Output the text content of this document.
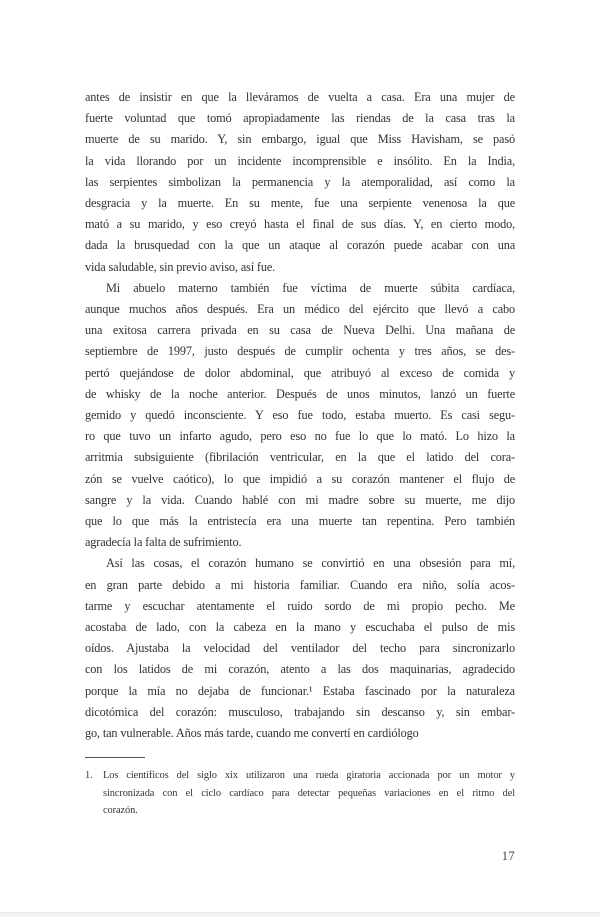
antes de insistir en que la lleváramos de vuelta a casa. Era una mujer de
fuerte voluntad que tomó apropiadamente las riendas de la casa tras la
muerte de su marido. Y, sin embargo, igual que Miss Havisham, se pasó
la vida llorando por un incidente incomprensible e insólito. En la India,
las serpientes simbolizan la permanencia y la atemporalidad, así como la
desgracia y la muerte. En su mente, fue una serpiente venenosa la que
mató a su marido, y eso creyó hasta el final de sus días. Y, en cierto modo,
dada la brusquedad con la que un ataque al corazón puede acabar con una
vida saludable, sin previo aviso, así fue.
Mi abuelo materno también fue víctima de muerte súbita cardíaca,
aunque muchos años después. Era un médico del ejército que llevó a cabo
una exitosa carrera privada en su casa de Nueva Delhi. Una mañana de
septiembre de 1997, justo después de cumplir ochenta y tres años, se des-
pertó quejándose de dolor abdominal, que atribuyó al exceso de comida y
de whisky de la noche anterior. Después de unos minutos, lanzó un fuerte
gemido y quedó inconsciente. Y eso fue todo, estaba muerto. Es casi segu-
ro que tuvo un infarto agudo, pero eso no fue lo que lo mató. Lo hizo la
arritmia subsiguiente (fibrilación ventricular, en la que el latido del cora-
zón se vuelve caótico), lo que impidió a su corazón mantener el flujo de
sangre y la vida. Cuando hablé con mi madre sobre su muerte, me dijo
que lo que más la entristecía era una muerte tan repentina. Pero también
agradecía la falta de sufrimiento.
Así las cosas, el corazón humano se convirtió en una obsesión para mí,
en gran parte debido a mi historia familiar. Cuando era niño, solía acos-
tarme y escuchar atentamente el ruido sordo de mi propio pecho. Me
acostaba de lado, con la cabeza en la mano y escuchaba el pulso de mis
oídos. Ajustaba la velocidad del ventilador del techo para sincronizarlo
con los latidos de mi corazón, atento a las dos maquinarias, agradecido
porque la mía no dejaba de funcionar.¹ Estaba fascinado por la naturaleza
dicotómica del corazón: musculoso, trabajando sin descanso y, sin embar-
go, tan vulnerable. Años más tarde, cuando me convertí en cardiólogo
1. Los científicos del siglo xix utilizaron una rueda giratoria accionada por un motor y
sincronizada con el ciclo cardíaco para detectar pequeñas variaciones en el ritmo del
corazón.
17
